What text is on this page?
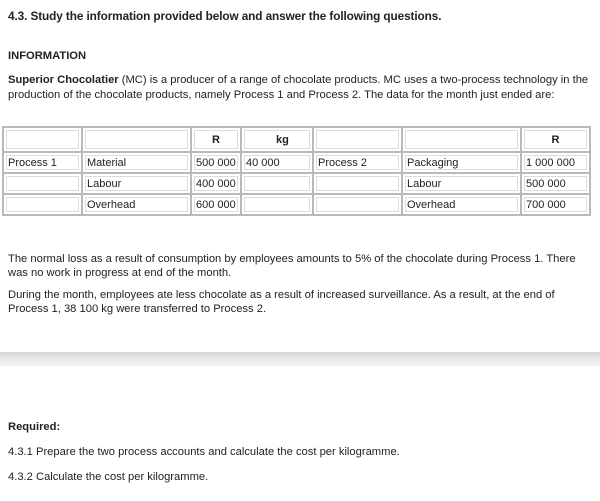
4.3. Study the information provided below and answer the following questions.
INFORMATION
Superior Chocolatier (MC) is a producer of a range of chocolate products. MC uses a two-process technology in the production of the chocolate products, namely Process 1 and Process 2. The data for the month just ended are:
		R	kg			R
Process 1	Material	500 000	40 000	Process 2	Packaging	1 000 000
	Labour	400 000			Labour	500 000
	Overhead	600 000			Overhead	700 000
The normal loss as a result of consumption by employees amounts to 5% of the chocolate during Process 1. There was no work in progress at end of the month.
During the month, employees ate less chocolate as a result of increased surveillance. As a result, at the end of Process 1, 38 100 kg were transferred to Process 2.
Required:
4.3.1 Prepare the two process accounts and calculate the cost per kilogramme.
4.3.2 Calculate the cost per kilogramme.
